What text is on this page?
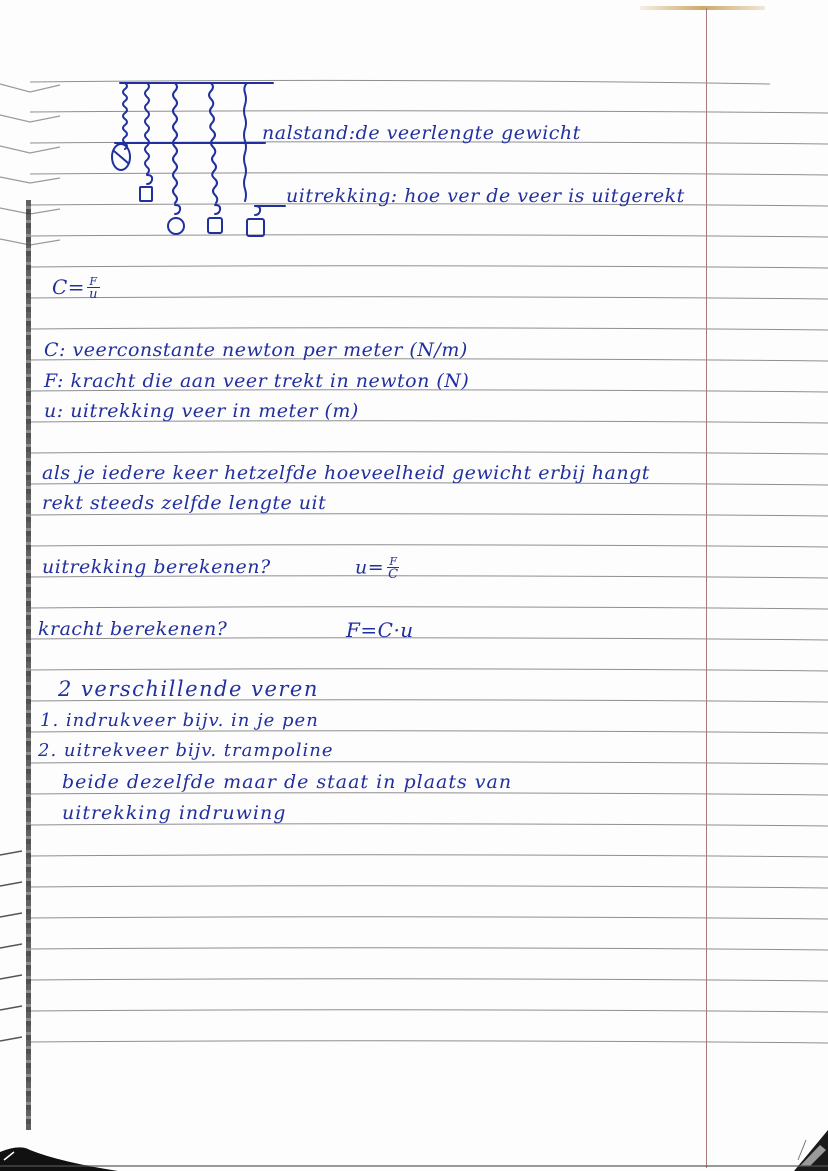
nalstand:de veerlengte gewicht
uitrekking: hoe ver de veer is uitgerekt
$C= \frac{F}{u}$
C: veerconstante newton per meter (N/m)
F: kracht die aan veer trekt in newton (N)
u: uitrekking veer in meter (m)
als je iedere keer hetzelfde hoeveelheid gewicht erbij hangt
rekt steeds zelfde lengte uit
uitrekking berekenen?	$u= \frac{F}{C}$
kracht berekenen?	F=C·u
2 verschillende veren
1. indrukveer bijv. in je pen
2. uitrekveer bijv. trampoline
beide dezelfde maar de staat in plaats van
uitrekking indruwing
